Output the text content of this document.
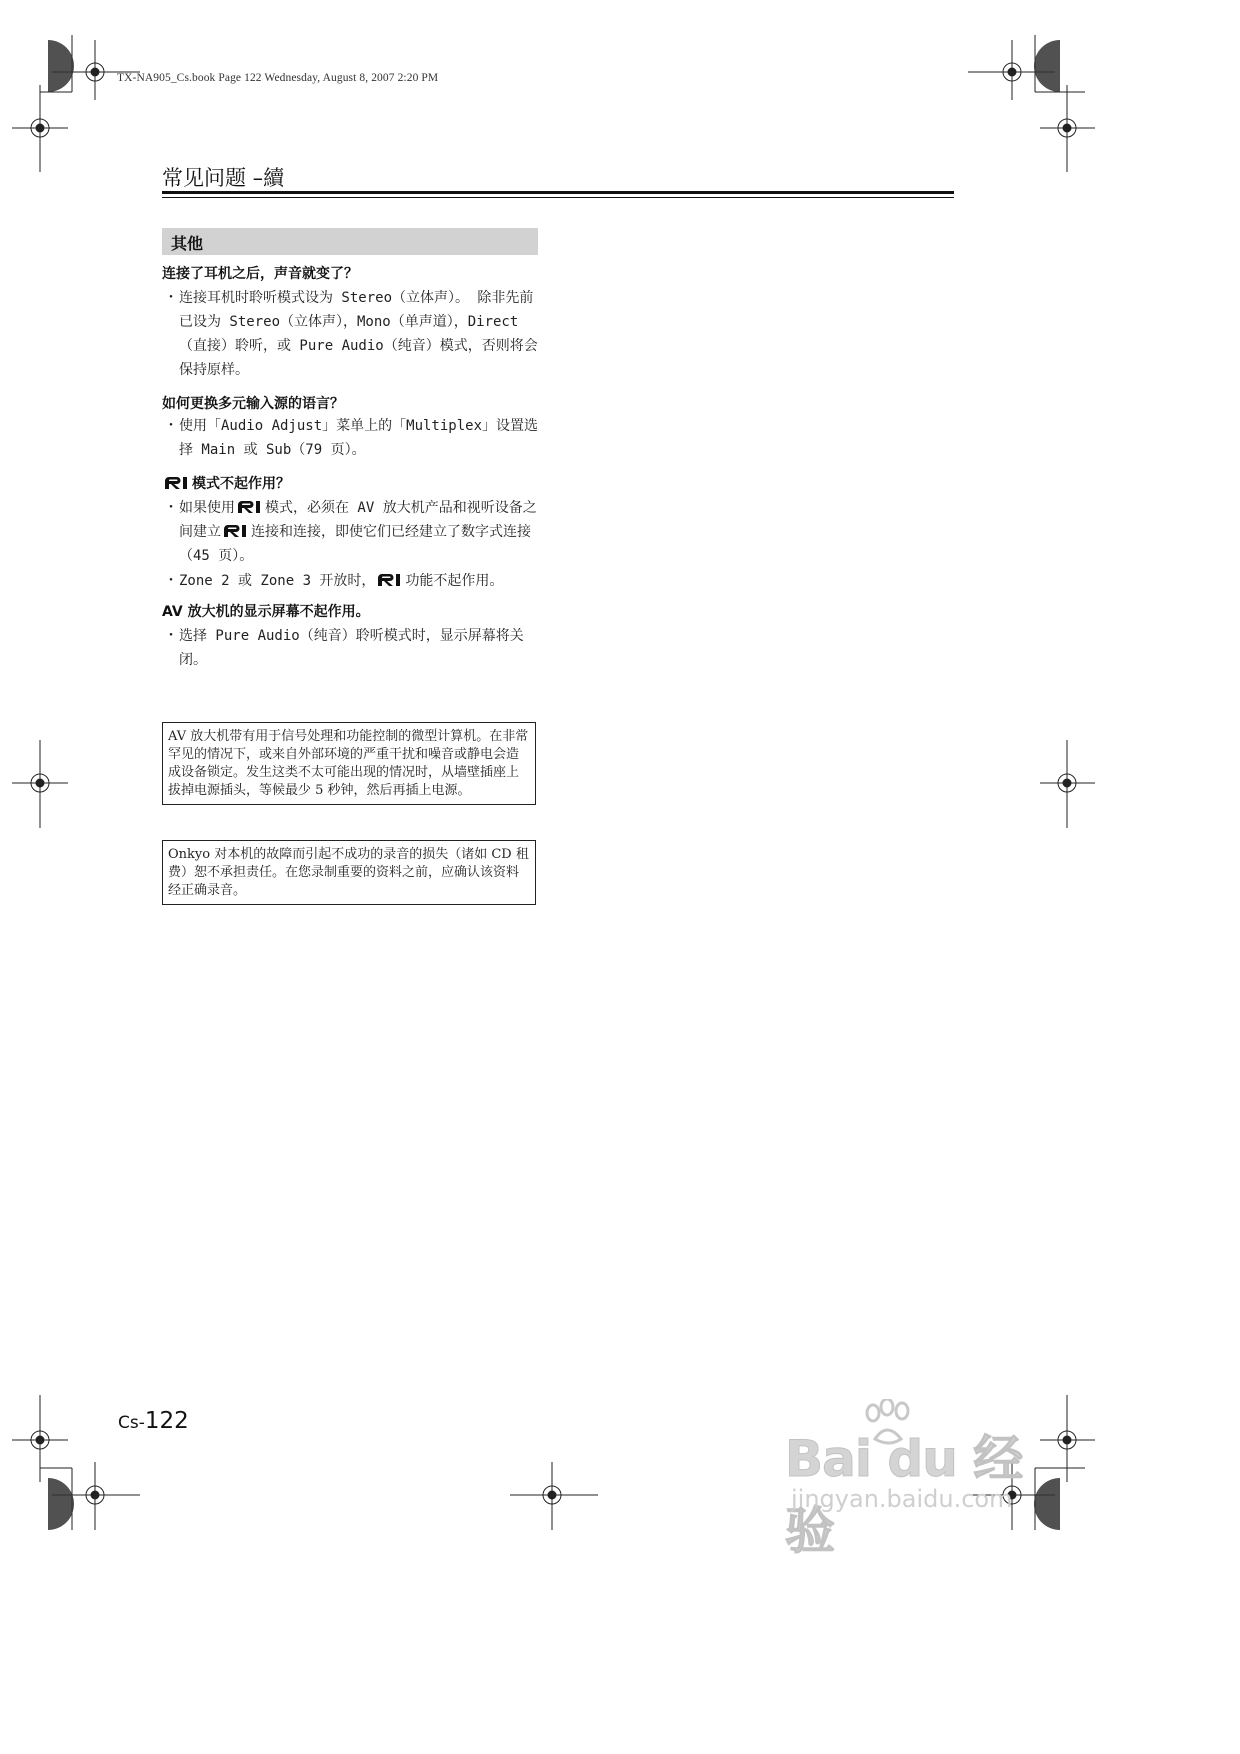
TX-NA905_Cs.book Page 122 Wednesday, August 8, 2007 2:20 PM
常见问题 –續
其他
连接了耳机之后，声音就变了？
・ 连接耳机时聆听模式设为 Stereo（立体声）。 除非先前已设为 Stereo（立体声），Mono（单声道），Direct（直接）聆听，或 Pure Audio（纯音）模式，否则将会保持原样。
如何更换多元输入源的语言？
・ 使用「Audio Adjust」菜单上的「Multiplex」设置选择 Main 或 Sub（79 页）。
模式不起作用？
・ 如果使用 模式，必须在 AV 放大机产品和视听设备之间建立 连接和连接，即使它们已经建立了数字式连接（45 页）。
・ Zone 2 或 Zone 3 开放时， 功能不起作用。
AV 放大机的显示屏幕不起作用。
・ 选择 Pure Audio（纯音）聆听模式时，显示屏幕将关闭。
AV 放大机带有用于信号处理和功能控制的微型计算机。在非常罕见的情况下，或来自外部环境的严重干扰和噪音或静电会造成设备锁定。发生这类不太可能出现的情况时，从墙壁插座上拔掉电源插头，等候最少 5 秒钟，然后再插上电源。
Onkyo 对本机的故障而引起不成功的录音的损失（诸如 CD 租费）恕不承担责任。在您录制重要的资料之前，应确认该资料经正确录音。
Cs-122
Bai du 经验
jingyan.baidu.com
